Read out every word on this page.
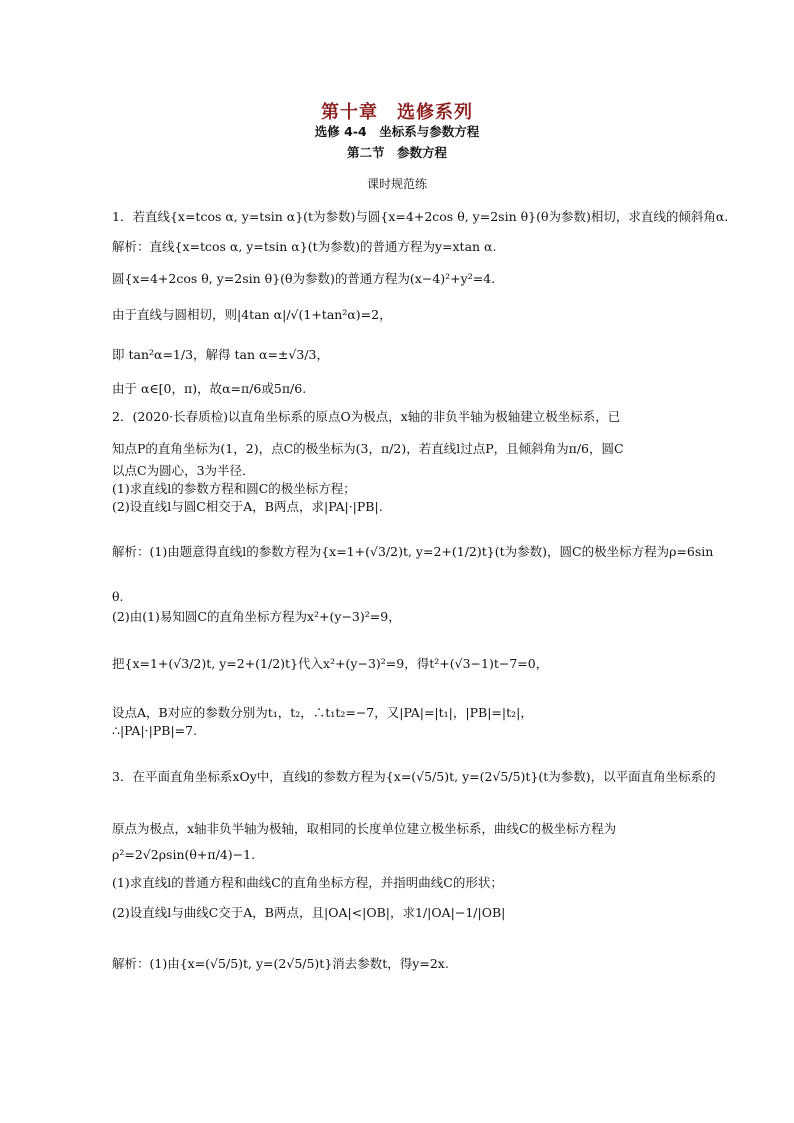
第十章　选修系列
选修 4-4　坐标系与参数方程
第二节　参数方程
课时规范练
1．若直线{x=tcos α, y=tsin α}(t为参数)与圆{x=4+2cos θ, y=2sin θ}(θ为参数)相切，求直线的倾斜角α.
解析：直线{x=tcos α, y=tsin α}(t为参数)的普通方程为y=xtan α.
圆{x=4+2cos θ, y=2sin θ}(θ为参数)的普通方程为(x−4)²+y²=4.
由于直线与圆相切，则|4tan α|/√(1+tan²α)=2，
即 tan²α=1/3，解得 tan α=±√3/3，
由于 α∈[0，π)，故α=π/6或5π/6.
2．(2020·长春质检)以直角坐标系的原点O为极点，x轴的非负半轴为极轴建立极坐标系，已
知点P的直角坐标为(1，2)，点C的极坐标为(3，π/2)，若直线l过点P，且倾斜角为π/6，圆C
以点C为圆心，3为半径．
(1)求直线l的参数方程和圆C的极坐标方程；
(2)设直线l与圆C相交于A，B两点，求|PA|·|PB|.
解析：(1)由题意得直线l的参数方程为{x=1+(√3/2)t, y=2+(1/2)t}(t为参数)，圆C的极坐标方程为ρ=6sin
θ.
(2)由(1)易知圆C的直角坐标方程为x²+(y−3)²=9，
把{x=1+(√3/2)t, y=2+(1/2)t}代入x²+(y−3)²=9，得t²+(√3−1)t−7=0，
设点A，B对应的参数分别为t₁，t₂，∴t₁t₂=−7，又|PA|=|t₁|，|PB|=|t₂|，
∴|PA|·|PB|=7.
3．在平面直角坐标系xOy中，直线l的参数方程为{x=(√5/5)t, y=(2√5/5)t}(t为参数)，以平面直角坐标系的
原点为极点，x轴非负半轴为极轴，取相同的长度单位建立极坐标系，曲线C的极坐标方程为
ρ²=2√2ρsin(θ+π/4)−1.
(1)求直线l的普通方程和曲线C的直角坐标方程，并指明曲线C的形状；
(2)设直线l与曲线C交于A，B两点，且|OA|<|OB|，求1/|OA|−1/|OB|
解析：(1)由{x=(√5/5)t, y=(2√5/5)t}消去参数t，得y=2x.
